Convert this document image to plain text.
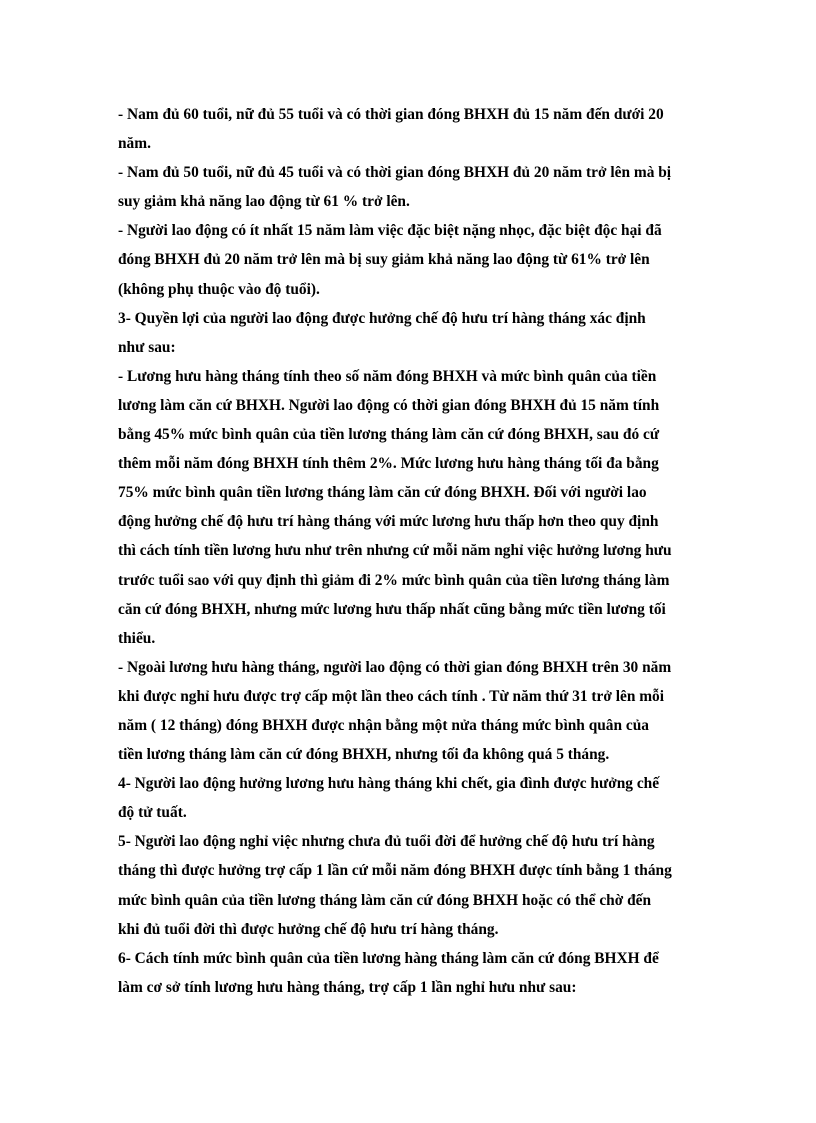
- Nam đủ 60 tuổi, nữ đủ 55 tuổi và có thời gian đóng BHXH đủ 15 năm đến dưới 20
năm.

- Nam đủ 50 tuổi, nữ đủ 45 tuổi và có thời gian đóng BHXH đủ 20 năm trở lên mà bị
suy giảm khả năng lao động từ 61 % trở lên.

- Người lao động có ít nhất 15 năm làm việc đặc biệt nặng nhọc, đặc biệt độc hại đã
đóng BHXH đủ 20 năm trở lên mà bị suy giảm khả năng lao động từ 61% trở lên
(không phụ thuộc vào độ tuổi).

3- Quyền lợi của người lao động được hưởng chế độ hưu trí hàng tháng xác định
như sau:

- Lương hưu hàng tháng tính theo số năm đóng BHXH và mức bình quân của tiền
lương làm căn cứ BHXH. Người lao động có thời gian đóng BHXH đủ 15 năm tính
bằng 45% mức bình quân của tiền lương tháng làm căn cứ đóng BHXH, sau đó cứ
thêm mỗi năm đóng BHXH tính thêm 2%. Mức lương hưu hàng tháng tối đa bằng
75% mức bình quân tiền lương tháng làm căn cứ đóng BHXH. Đối với người lao
động hưởng chế độ hưu trí hàng tháng với mức lương hưu thấp hơn theo quy định
thì cách tính tiền lương hưu như trên nhưng cứ mỗi năm nghỉ việc hưởng lương hưu
trước tuổi sao với quy định thì giảm đi 2% mức bình quân của tiền lương tháng làm
căn cứ đóng BHXH, nhưng mức lương hưu thấp nhất cũng bằng mức tiền lương tối
thiểu.

- Ngoài lương hưu hàng tháng, người lao động có thời gian đóng BHXH trên 30 năm
khi được nghỉ hưu được trợ cấp một lần theo cách tính . Từ năm thứ 31 trở lên mỗi
năm ( 12 tháng) đóng BHXH được nhận bằng một nửa tháng mức bình quân của
tiền lương tháng làm căn cứ đóng BHXH, nhưng tối đa không quá 5 tháng.

4- Người lao động hưởng lương hưu hàng tháng khi chết, gia đình được hưởng chế
độ tử tuất.

5- Người lao động nghỉ việc nhưng chưa đủ tuổi đời để hưởng chế độ hưu trí hàng
tháng thì được hưởng trợ cấp 1 lần cứ mỗi năm đóng BHXH được tính bằng 1 tháng
mức bình quân của tiền lương tháng làm căn cứ đóng BHXH hoặc có thể chờ đến
khi đủ tuổi đời thì được hưởng chế độ hưu trí hàng tháng.

6- Cách tính mức bình quân của tiền lương hàng tháng làm căn cứ đóng BHXH để
làm cơ sở tính lương hưu hàng tháng, trợ cấp 1 lần nghỉ hưu như sau:
